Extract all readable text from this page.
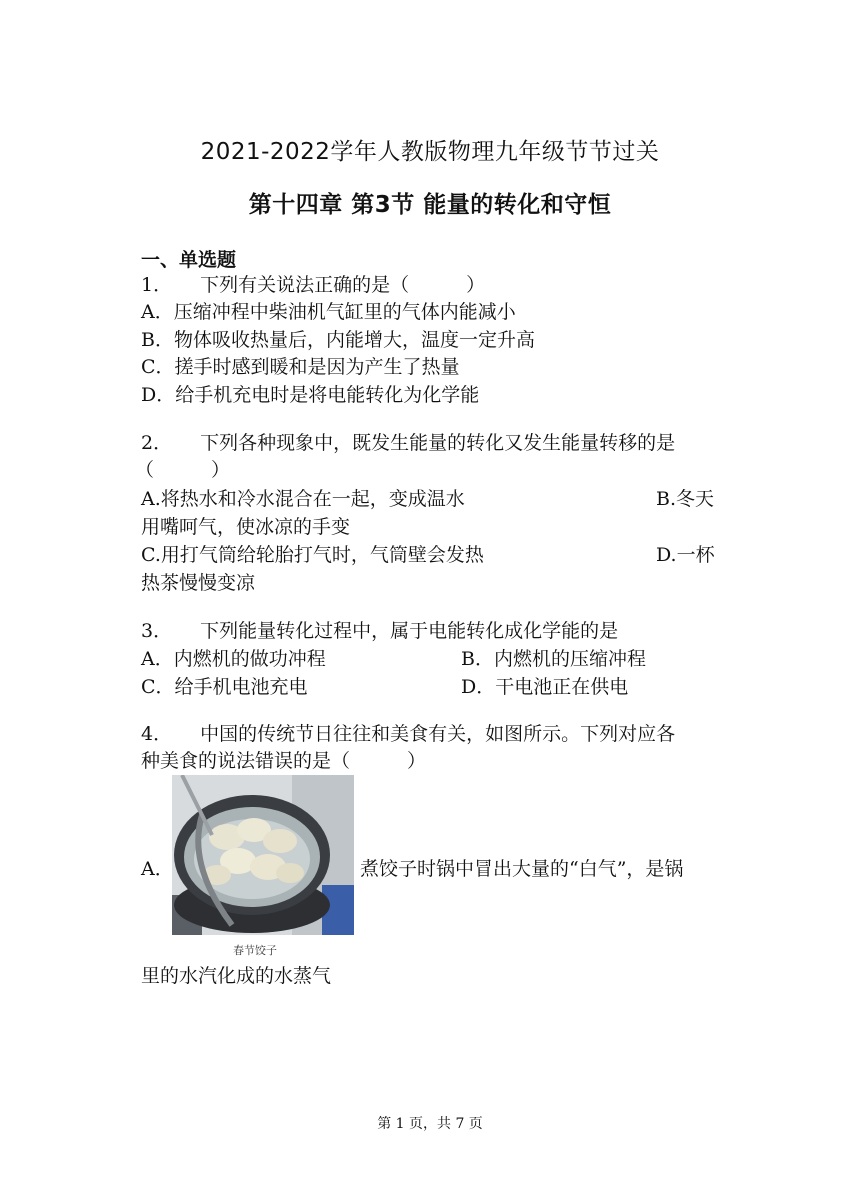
2021-2022学年人教版物理九年级节节过关
第十四章 第3节 能量的转化和守恒
一、单选题
1． 下列有关说法正确的是（　　　）
A．压缩冲程中柴油机气缸里的气体内能减小
B．物体吸收热量后，内能增大，温度一定升高
C．搓手时感到暖和是因为产生了热量
D．给手机充电时是将电能转化为化学能
2． 下列各种现象中，既发生能量的转化又发生能量转移的是
（　　　）
A.将热水和冷水混合在一起，变成温水	B.冬天
用嘴呵气，使冰凉的手变
C.用打气筒给轮胎打气时，气筒壁会发热	D.一杯
热茶慢慢变凉
3． 下列能量转化过程中，属于电能转化成化学能的是
A．内燃机的做功冲程	B．内燃机的压缩冲程
C．给手机电池充电	D．干电池正在供电
4． 中国的传统节日往往和美食有关，如图所示。下列对应各
种美食的说法错误的是（　　　）
春节饺子
A．	煮饺子时锅中冒出大量的“白气”，是锅
里的水汽化成的水蒸气
第 1 页，共 7 页
